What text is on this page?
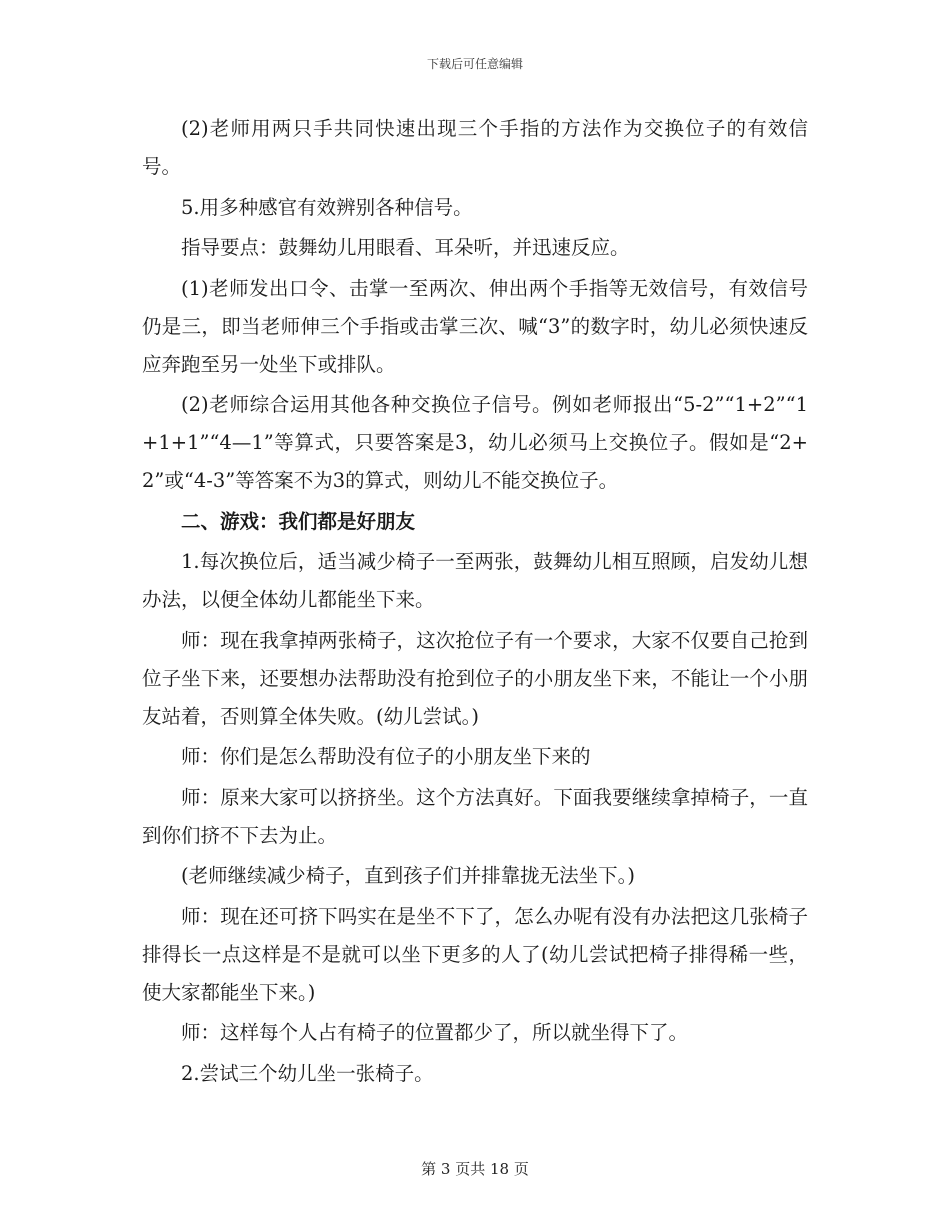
下载后可任意编辑

(2)老师用两只手共同快速出现三个手指的方法作为交换位子的有效信号。

5.用多种感官有效辨别各种信号。

指导要点：鼓舞幼儿用眼看、耳朵听，并迅速反应。

(1)老师发出口令、击掌一至两次、伸出两个手指等无效信号，有效信号仍是三，即当老师伸三个手指或击掌三次、喊“3”的数字时，幼儿必须快速反应奔跑至另一处坐下或排队。

(2)老师综合运用其他各种交换位子信号。例如老师报出“5-2”“1+2”“1+1+1”“4—1”等算式，只要答案是3，幼儿必须马上交换位子。假如是“2+2”或“4-3”等答案不为3的算式，则幼儿不能交换位子。

二、游戏：我们都是好朋友

1.每次换位后，适当减少椅子一至两张，鼓舞幼儿相互照顾，启发幼儿想办法，以便全体幼儿都能坐下来。

师：现在我拿掉两张椅子，这次抢位子有一个要求，大家不仅要自己抢到位子坐下来，还要想办法帮助没有抢到位子的小朋友坐下来，不能让一个小朋友站着，否则算全体失败。(幼儿尝试。)

师：你们是怎么帮助没有位子的小朋友坐下来的

师：原来大家可以挤挤坐。这个方法真好。下面我要继续拿掉椅子，一直到你们挤不下去为止。

(老师继续减少椅子，直到孩子们并排靠拢无法坐下。)

师：现在还可挤下吗实在是坐不下了，怎么办呢有没有办法把这几张椅子排得长一点这样是不是就可以坐下更多的人了(幼儿尝试把椅子排得稀一些，使大家都能坐下来。)

师：这样每个人占有椅子的位置都少了，所以就坐得下了。

2.尝试三个幼儿坐一张椅子。

第 3 页共 18 页
